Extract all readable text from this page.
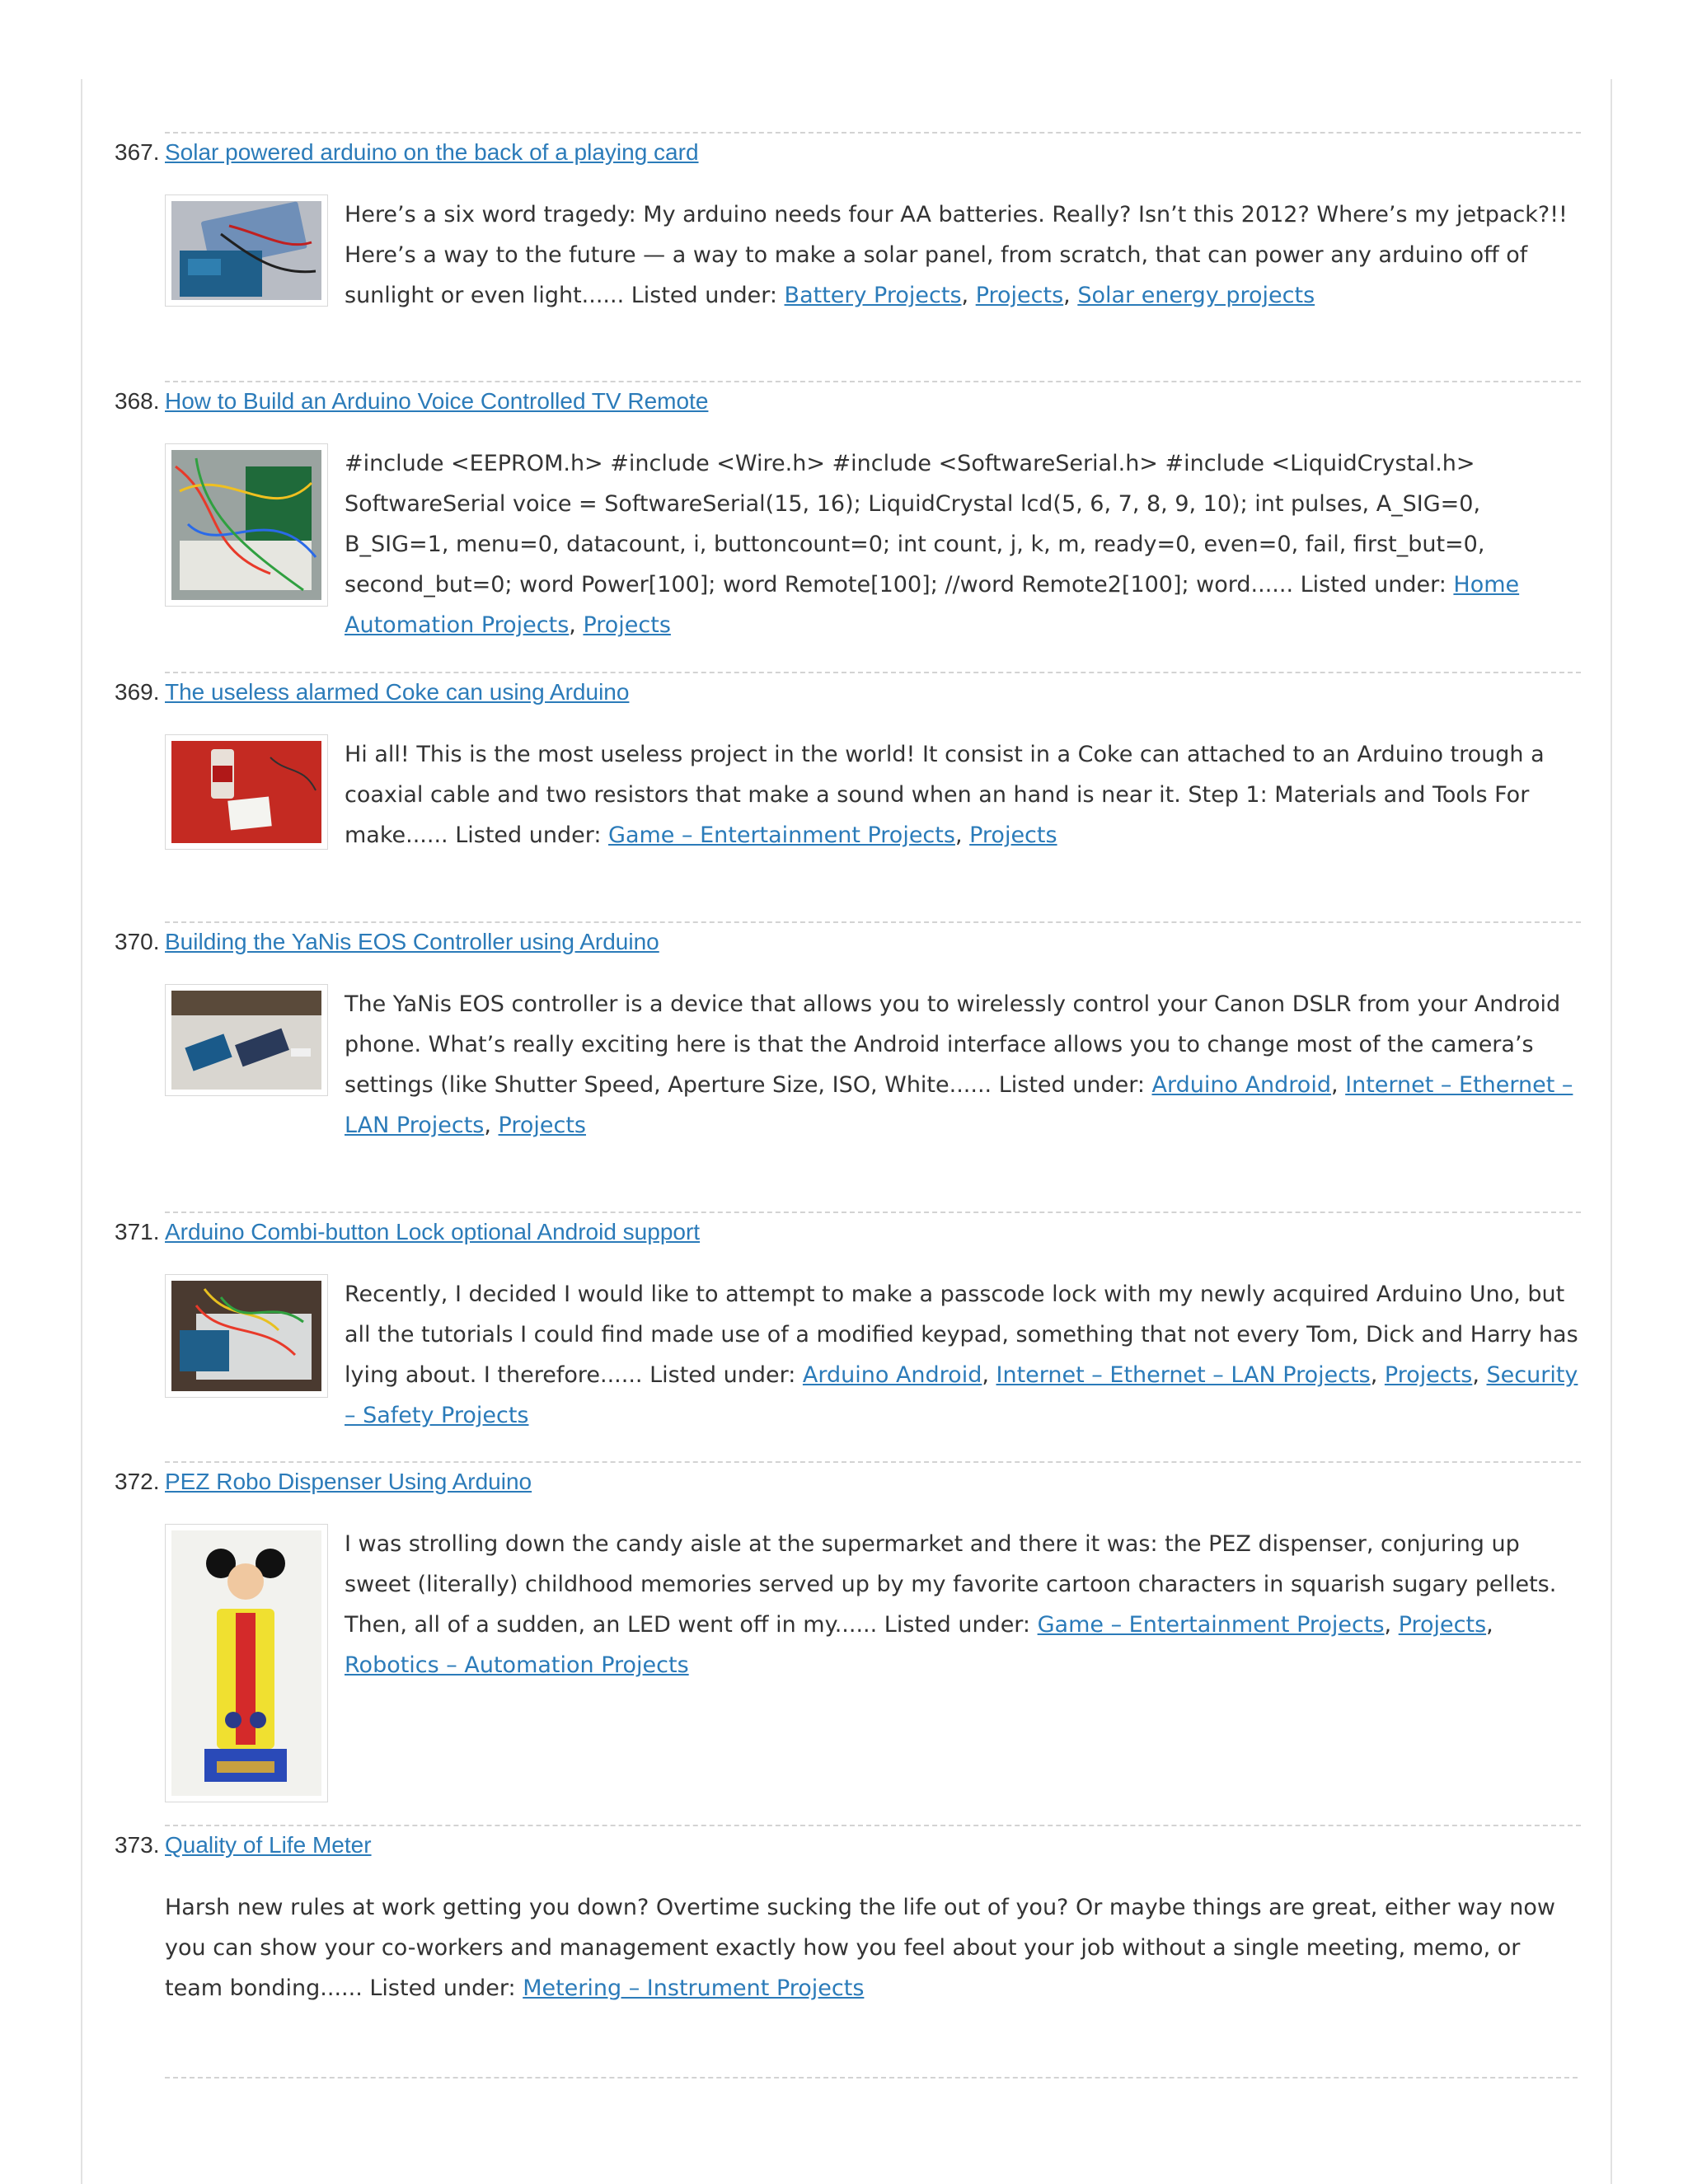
367. Solar powered arduino on the back of a playing card

Here’s a six word tragedy: My arduino needs four AA batteries. Really? Isn’t this 2012? Where’s my jetpack?!! Here’s a way to the future — a way to make a solar panel, from scratch, that can power any arduino off of sunlight or even light...... Listed under: Battery Projects, Projects, Solar energy projects

368. How to Build an Arduino Voice Controlled TV Remote

#include <EEPROM.h> #include <Wire.h> #include <SoftwareSerial.h> #include <LiquidCrystal.h> SoftwareSerial voice = SoftwareSerial(15, 16); LiquidCrystal lcd(5, 6, 7, 8, 9, 10); int pulses, A_SIG=0, B_SIG=1, menu=0, datacount, i, buttoncount=0; int count, j, k, m, ready=0, even=0, fail, first_but=0, second_but=0; word Power[100]; word Remote[100]; //word Remote2[100]; word...... Listed under: Home Automation Projects, Projects

369. The useless alarmed Coke can using Arduino

Hi all! This is the most useless project in the world! It consist in a Coke can attached to an Arduino trough a coaxial cable and two resistors that make a sound when an hand is near it. Step 1: Materials and Tools For make...... Listed under: Game – Entertainment Projects, Projects

370. Building the YaNis EOS Controller using Arduino

The YaNis EOS controller is a device that allows you to wirelessly control your Canon DSLR from your Android phone. What’s really exciting here is that the Android interface allows you to change most of the camera’s settings (like Shutter Speed, Aperture Size, ISO, White...... Listed under: Arduino Android, Internet – Ethernet – LAN Projects, Projects

371. Arduino Combi-button Lock optional Android support

Recently, I decided I would like to attempt to make a passcode lock with my newly acquired Arduino Uno, but all the tutorials I could find made use of a modified keypad, something that not every Tom, Dick and Harry has lying about. I therefore...... Listed under: Arduino Android, Internet – Ethernet – LAN Projects, Projects, Security – Safety Projects

372. PEZ Robo Dispenser Using Arduino

I was strolling down the candy aisle at the supermarket and there it was: the PEZ dispenser, conjuring up sweet (literally) childhood memories served up by my favorite cartoon characters in squarish sugary pellets. Then, all of a sudden, an LED went off in my...... Listed under: Game – Entertainment Projects, Projects, Robotics – Automation Projects

373. Quality of Life Meter

Harsh new rules at work getting you down? Overtime sucking the life out of you? Or maybe things are great, either way now you can show your co-workers and management exactly how you feel about your job without a single meeting, memo, or team bonding...... Listed under: Metering – Instrument Projects
